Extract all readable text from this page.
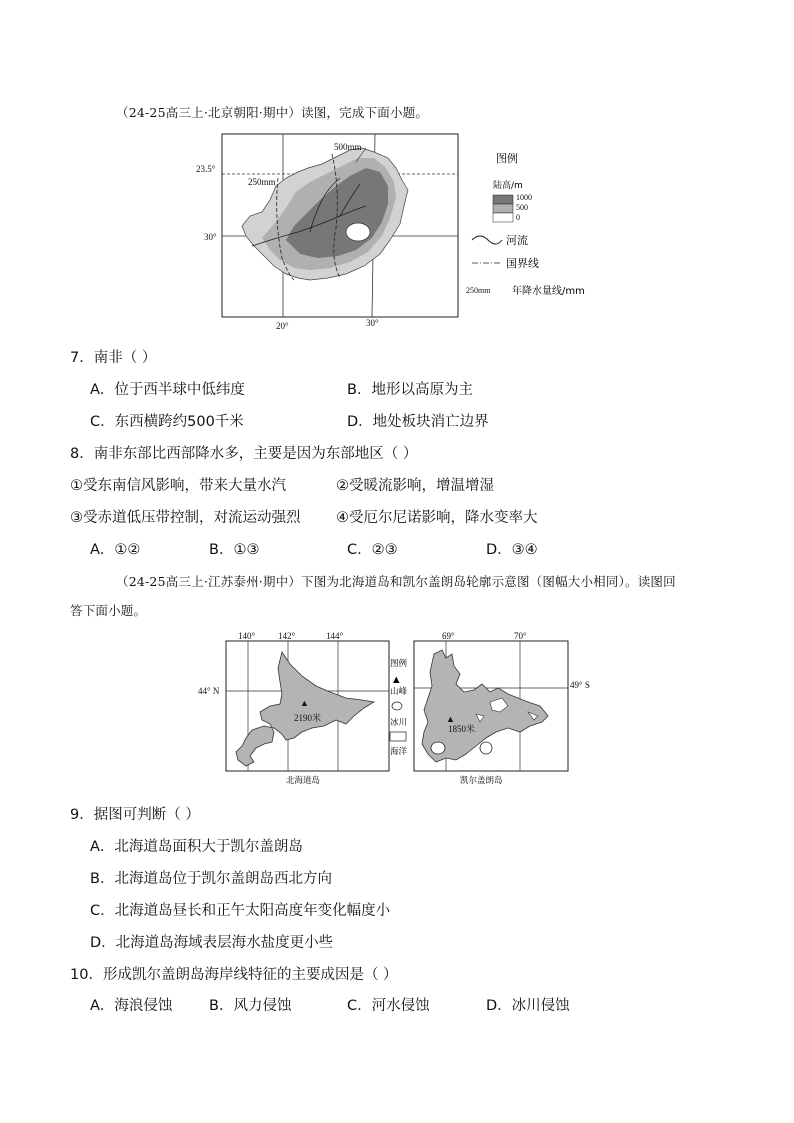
（24-25高三上·北京朝阳·期中）读图，完成下面小题。
23.5°
30°
20°	30°
500mm
250mm
图例
陆高/m
1000
500
0
河流
国界线
250mm 年降水量线/mm
7．南非（ ）
A．位于西半球中低纬度	B．地形以高原为主
C．东西横跨约500千米	D．地处板块消亡边界
8．南非东部比西部降水多，主要是因为东部地区（ ）
①受东南信风影响，带来大量水汽	②受暖流影响，增温增湿
③受赤道低压带控制，对流运动强烈 ④受厄尔尼诺影响，降水变率大
A．①②	B．①③	C．②③	D．③④
（24-25高三上·江苏泰州·期中）下图为北海道岛和凯尔盖朗岛轮廓示意图（图幅大小相同）。读图回
答下面小题。
140°	142°	144°
44° N
▲
2190米
北海道岛
图例
▲
山峰
冰川
海洋
69°	70°
49° S
▲
1850米
凯尔盖朗岛
9．据图可判断（ ）
A．北海道岛面积大于凯尔盖朗岛
B．北海道岛位于凯尔盖朗岛西北方向
C．北海道岛昼长和正午太阳高度年变化幅度小
D．北海道岛海域表层海水盐度更小些
10．形成凯尔盖朗岛海岸线特征的主要成因是（ ）
A．海浪侵蚀	B．风力侵蚀	C．河水侵蚀	D．冰川侵蚀
